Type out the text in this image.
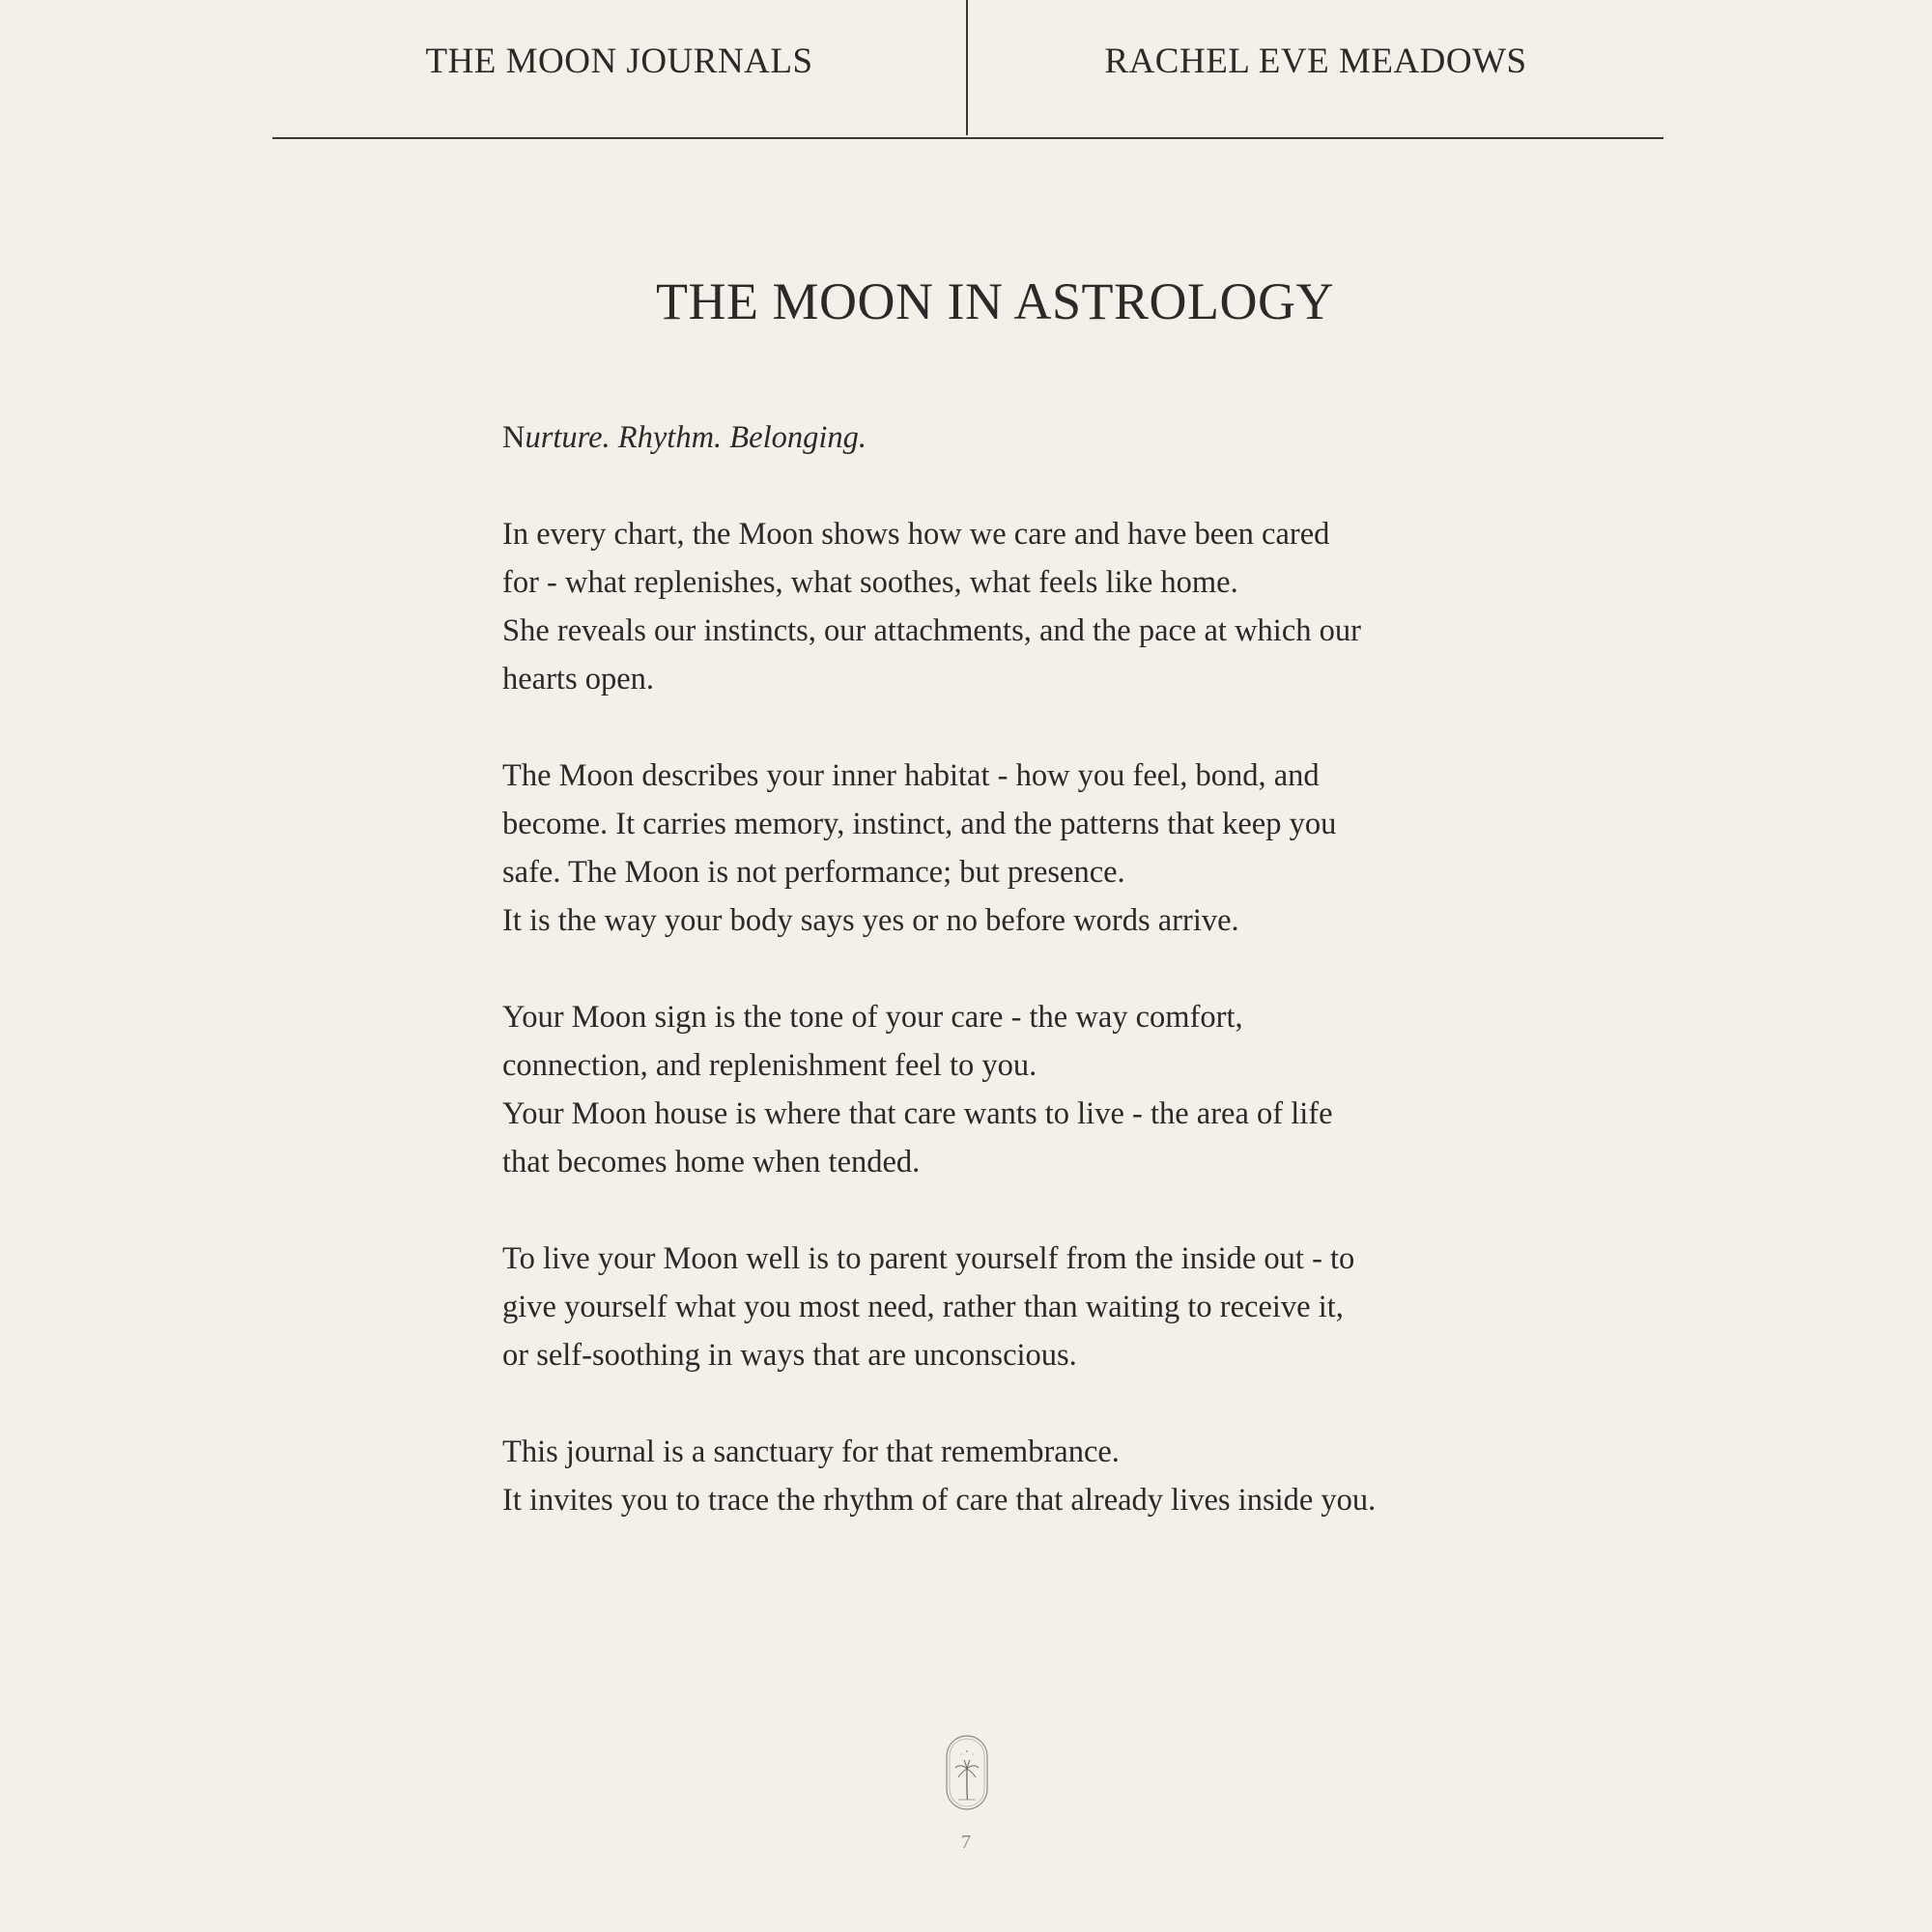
THE MOON JOURNALS	RACHEL EVE MEADOWS
THE MOON IN ASTROLOGY

Nurture. Rhythm. Belonging.

In every chart, the Moon shows how we care and have been cared
for - what replenishes, what soothes, what feels like home.
She reveals our instincts, our attachments, and the pace at which our
hearts open.

The Moon describes your inner habitat - how you feel, bond, and
become. It carries memory, instinct, and the patterns that keep you
safe. The Moon is not performance; but presence.
It is the way your body says yes or no before words arrive.

Your Moon sign is the tone of your care - the way comfort,
connection, and replenishment feel to you.
Your Moon house is where that care wants to live - the area of life
that becomes home when tended.

To live your Moon well is to parent yourself from the inside out - to
give yourself what you most need, rather than waiting to receive it,
or self-soothing in ways that are unconscious.

This journal is a sanctuary for that remembrance.
It invites you to trace the rhythm of care that already lives inside you.

7
